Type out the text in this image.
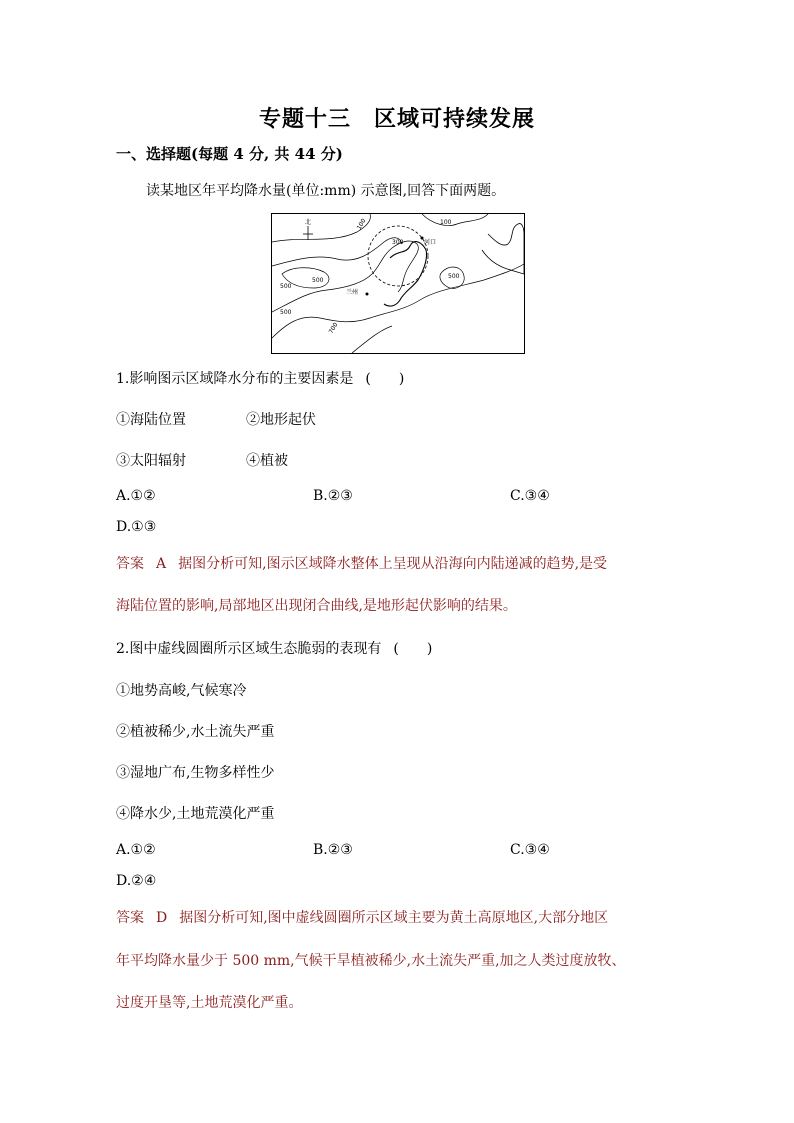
专题十三　区域可持续发展
一、选择题(每题 4 分, 共 44 分)
读某地区年平均降水量(单位:mm) 示意图,回答下面两题。
北	100
300
500
500
500
100
河口
兰州
500
700
1.影响图示区域降水分布的主要因素是 (　　)
①海陆位置	②地形起伏
③太阳辐射	④植被
A.①②	B.②③	C.③④
D.①③
答案 A 据图分析可知,图示区域降水整体上呈现从沿海向内陆递减的趋势,是受
海陆位置的影响,局部地区出现闭合曲线,是地形起伏影响的结果。
2.图中虚线圆圈所示区域生态脆弱的表现有 (　　)
①地势高峻,气候寒冷
②植被稀少,水土流失严重
③湿地广布,生物多样性少
④降水少,土地荒漠化严重
A.①②	B.②③	C.③④
D.②④
答案 D 据图分析可知,图中虚线圆圈所示区域主要为黄土高原地区,大部分地区
年平均降水量少于 500 mm,气候干旱植被稀少,水土流失严重,加之人类过度放牧、
过度开垦等,土地荒漠化严重。
